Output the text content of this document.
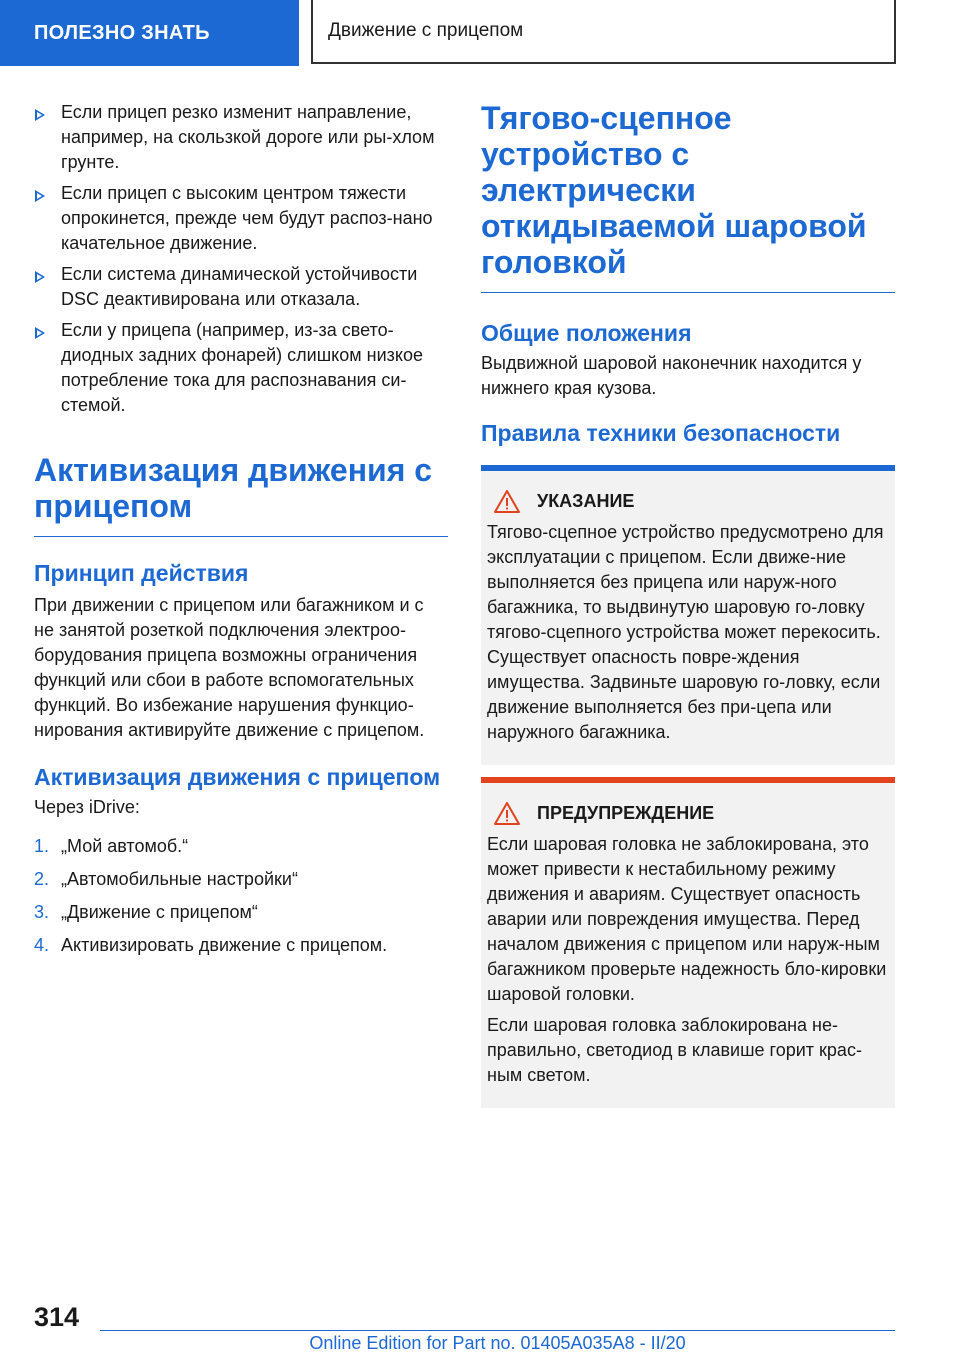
ПОЛЕЗНО ЗНАТЬ	Движение с прицепом
Если прицеп резко изменит направление, например, на скользкой дороге или ры-хлом грунте.
Если прицеп с высоким центром тяжести опрокинется, прежде чем будут распоз-нано качательное движение.
Если система динамической устойчивости DSC деактивирована или отказала.
Если у прицепа (например, из-за свето-диодных задних фонарей) слишком низкое потребление тока для распознавания си-стемой.
Активизация движения с прицепом
Принцип действия

При движении с прицепом или багажником и с не занятой розеткой подключения электроо-борудования прицепа возможны ограничения функций или сбои в работе вспомогательных функций. Во избежание нарушения функцио-нирования активируйте движение с прицепом.

Активизация движения с прицепом

Через iDrive:

1. „Мой автомоб.“
2. „Автомобильные настройки“
3. „Движение с прицепом“
4. Активизировать движение с прицепом.
Тягово-сцепное устройство с электрически откидываемой шаровой головкой
Общие положения

Выдвижной шаровой наконечник находится у нижнего края кузова.

Правила техники безопасности
УКАЗАНИЕ

Тягово-сцепное устройство предусмотрено для эксплуатации с прицепом. Если движе-ние выполняется без прицепа или наруж-ного багажника, то выдвинутую шаровую го-ловку тягово-сцепного устройства может перекосить. Существует опасность повре-ждения имущества. Задвиньте шаровую го-ловку, если движение выполняется без при-цепа или наружного багажника.

ПРЕДУПРЕЖДЕНИЕ

Если шаровая головка не заблокирована, это может привести к нестабильному режиму движения и авариям. Существует опасность аварии или повреждения имущества. Перед началом движения с прицепом или наруж-ным багажником проверьте надежность бло-кировки шаровой головки.

Если шаровая головка заблокирована не-правильно, светодиод в клавише горит крас-ным светом.

314
Online Edition for Part no. 01405A035A8 - II/20
